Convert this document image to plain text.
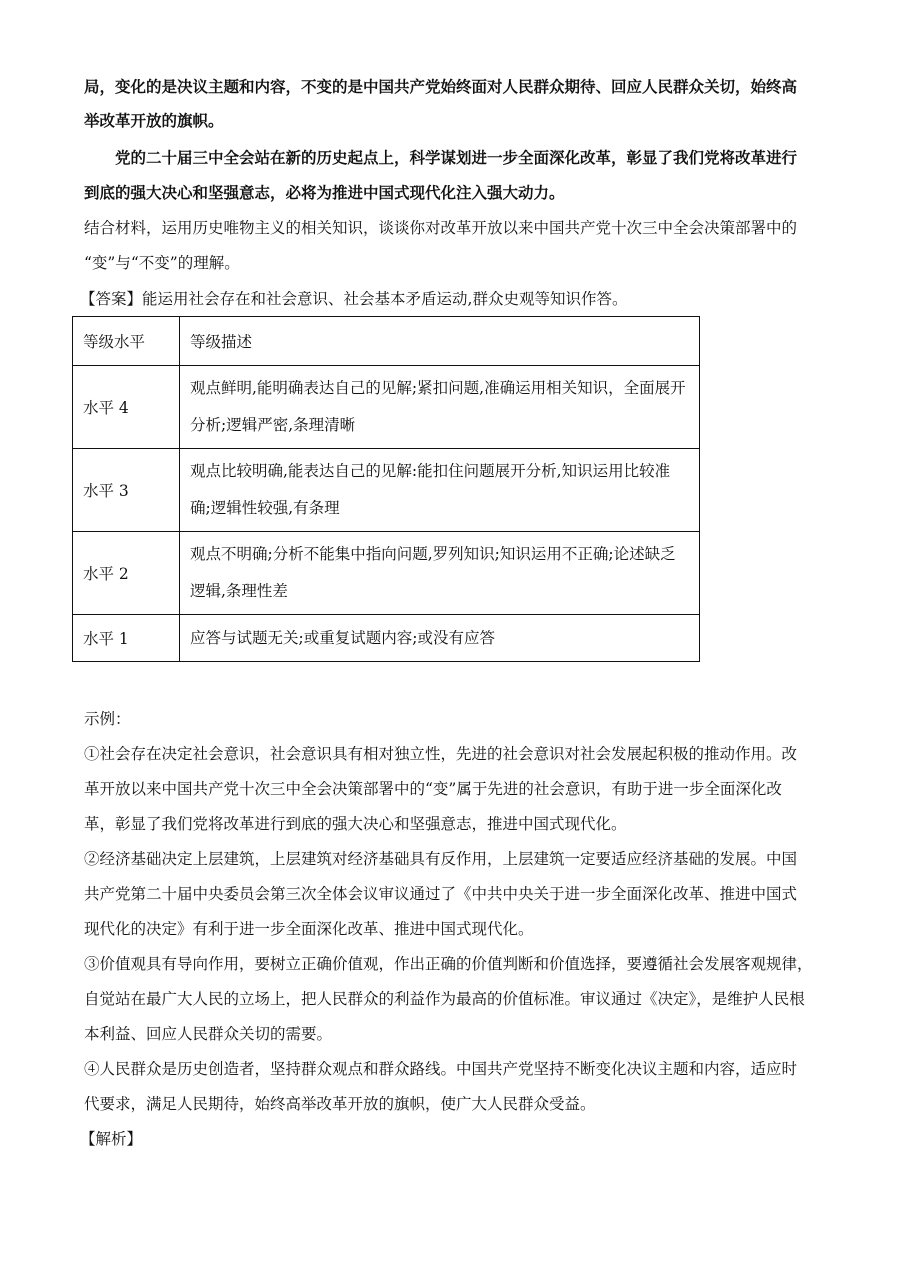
局，变化的是决议主题和内容，不变的是中国共产党始终面对人民群众期待、回应人民群众关切，始终高
举改革开放的旗帜。
　　党的二十届三中全会站在新的历史起点上，科学谋划进一步全面深化改革，彰显了我们党将改革进行
到底的强大决心和坚强意志，必将为推进中国式现代化注入强大动力。
结合材料，运用历史唯物主义的相关知识，谈谈你对改革开放以来中国共产党十次三中全会决策部署中的
“变”与“不变”的理解。
【答案】能运用社会存在和社会意识、社会基本矛盾运动,群众史观等知识作答。
等级水平	等级描述
水平 4	观点鲜明,能明确表达自己的见解;紧扣问题,准确运用相关知识，全面展开
分析;逻辑严密,条理清晰

水平 3	观点比较明确,能表达自己的见解:能扣住问题展开分析,知识运用比较准
确;逻辑性较强,有条理

水平 2	观点不明确;分析不能集中指向问题,罗列知识;知识运用不正确;论述缺乏
逻辑,条理性差

水平 1	应答与试题无关;或重复试题内容;或没有应答
示例：
①社会存在决定社会意识，社会意识具有相对独立性，先进的社会意识对社会发展起积极的推动作用。改
革开放以来中国共产党十次三中全会决策部署中的“变”属于先进的社会意识，有助于进一步全面深化改
革，彰显了我们党将改革进行到底的强大决心和坚强意志，推进中国式现代化。
②经济基础决定上层建筑，上层建筑对经济基础具有反作用，上层建筑一定要适应经济基础的发展。中国
共产党第二十届中央委员会第三次全体会议审议通过了《中共中央关于进一步全面深化改革、推进中国式
现代化的决定》有利于进一步全面深化改革、推进中国式现代化。
③价值观具有导向作用，要树立正确价值观，作出正确的价值判断和价值选择，要遵循社会发展客观规律，
自觉站在最广大人民的立场上，把人民群众的利益作为最高的价值标准。审议通过《决定》，是维护人民根
本利益、回应人民群众关切的需要。
④人民群众是历史创造者，坚持群众观点和群众路线。中国共产党坚持不断变化决议主题和内容，适应时
代要求，满足人民期待，始终高举改革开放的旗帜，使广大人民群众受益。
【解析】
